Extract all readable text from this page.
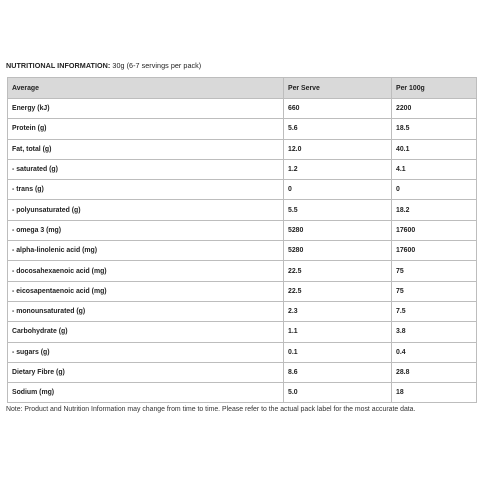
NUTRITIONAL INFORMATION: 30g (6-7 servings per pack)
Average	Per Serve	Per 100g
Energy (kJ)	660	2200
Protein (g)	5.6	18.5
Fat, total (g)	12.0	40.1
- saturated (g)	1.2	4.1
- trans (g)	0	0
- polyunsaturated (g)	5.5	18.2
- omega 3 (mg)	5280	17600
- alpha-linolenic acid (mg)	5280	17600
- docosahexaenoic acid (mg)	22.5	75
- eicosapentaenoic acid (mg)	22.5	75
- monounsaturated (g)	2.3	7.5
Carbohydrate (g)	1.1	3.8
- sugars (g)	0.1	0.4
Dietary Fibre (g)	8.6	28.8
Sodium (mg)	5.0	18
Note: Product and Nutrition Information may change from time to time. Please refer to the actual pack label for the most accurate data.
